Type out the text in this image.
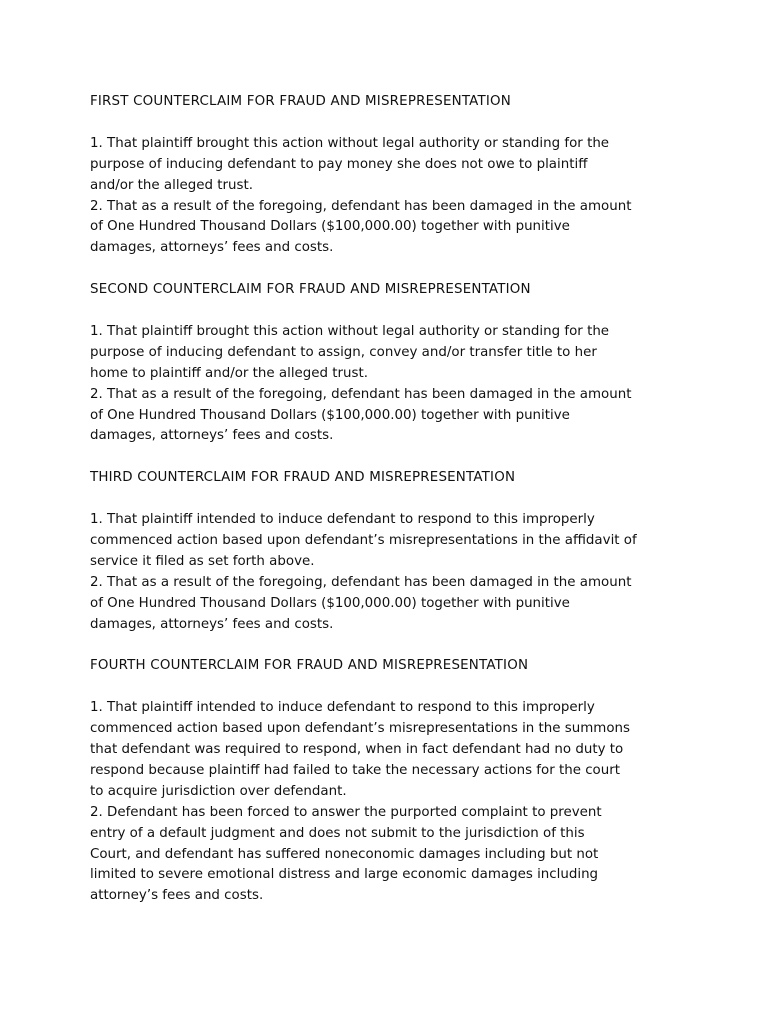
FIRST COUNTERCLAIM FOR FRAUD AND MISREPRESENTATION

1. That plaintiff brought this action without legal authority or standing for the
purpose of inducing defendant to pay money she does not owe to plaintiff
and/or the alleged trust.

2. That as a result of the foregoing, defendant has been damaged in the amount
of One Hundred Thousand Dollars ($100,000.00) together with punitive
damages, attorneys’ fees and costs.

SECOND COUNTERCLAIM FOR FRAUD AND MISREPRESENTATION

1. That plaintiff brought this action without legal authority or standing for the
purpose of inducing defendant to assign, convey and/or transfer title to her
home to plaintiff and/or the alleged trust.

2. That as a result of the foregoing, defendant has been damaged in the amount
of One Hundred Thousand Dollars ($100,000.00) together with punitive
damages, attorneys’ fees and costs.

THIRD COUNTERCLAIM FOR FRAUD AND MISREPRESENTATION

1. That plaintiff intended to induce defendant to respond to this improperly
commenced action based upon defendant’s misrepresentations in the affidavit of
service it filed as set forth above.

2. That as a result of the foregoing, defendant has been damaged in the amount
of One Hundred Thousand Dollars ($100,000.00) together with punitive
damages, attorneys’ fees and costs.

FOURTH COUNTERCLAIM FOR FRAUD AND MISREPRESENTATION

1. That plaintiff intended to induce defendant to respond to this improperly
commenced action based upon defendant’s misrepresentations in the summons
that defendant was required to respond, when in fact defendant had no duty to
respond because plaintiff had failed to take the necessary actions for the court
to acquire jurisdiction over defendant.

2. Defendant has been forced to answer the purported complaint to prevent
entry of a default judgment and does not submit to the jurisdiction of this
Court, and defendant has suffered noneconomic damages including but not
limited to severe emotional distress and large economic damages including
attorney’s fees and costs.
